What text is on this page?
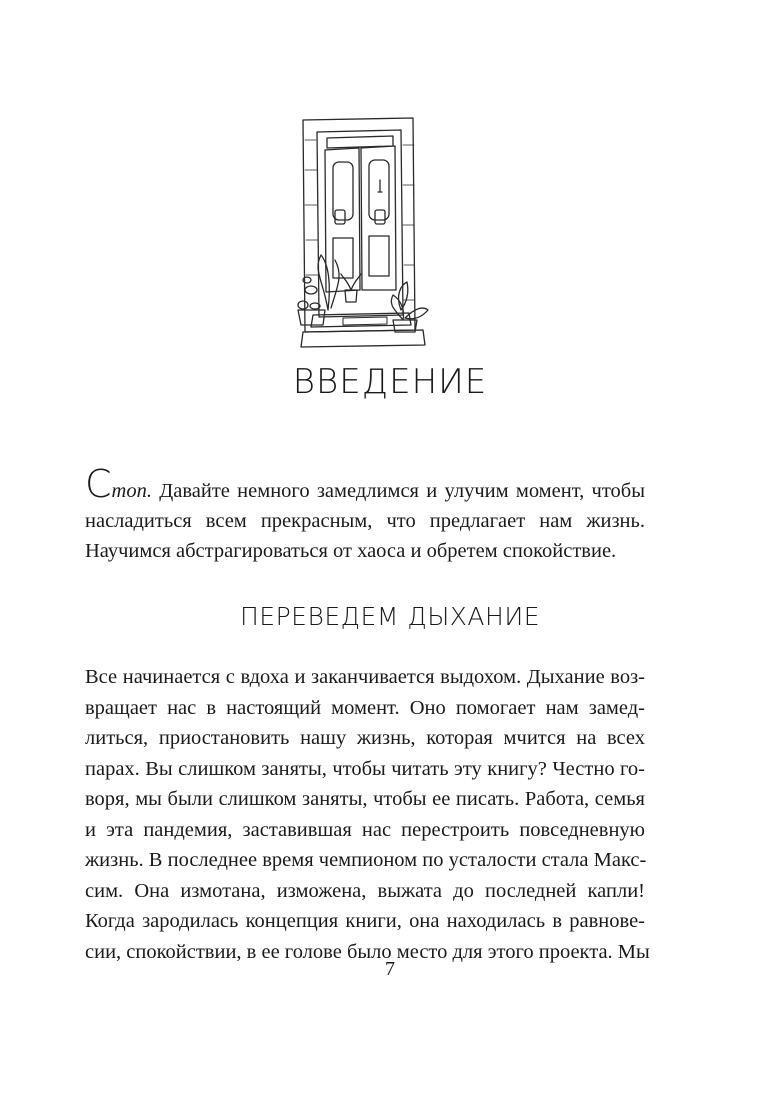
ВВЕДЕНИЕ

Стоп. Давайте немного замедлимся и улучим момент, чтобы насладиться всем прекрасным, что предлагает нам жизнь. Научимся абстрагироваться от хаоса и обретем спокойствие.

ПЕРЕВЕДЕМ ДЫХАНИЕ
Все начинается с вдоха и заканчивается выдохом. Дыхание воз-
вращает нас в настоящий момент. Оно помогает нам замед-
литься, приостановить нашу жизнь, которая мчится на всех
парах. Вы слишком заняты, чтобы читать эту книгу? Честно го-
воря, мы были слишком заняты, чтобы ее писать. Работа, семья
и эта пандемия, заставившая нас перестроить повседневную
жизнь. В последнее время чемпионом по усталости стала Макс-
сим. Она измотана, изможена, выжата до последней капли!
Когда зародилась концепция книги, она находилась в равнове-
сии, спокойствии, в ее голове было место для этого проекта. Мы
7
